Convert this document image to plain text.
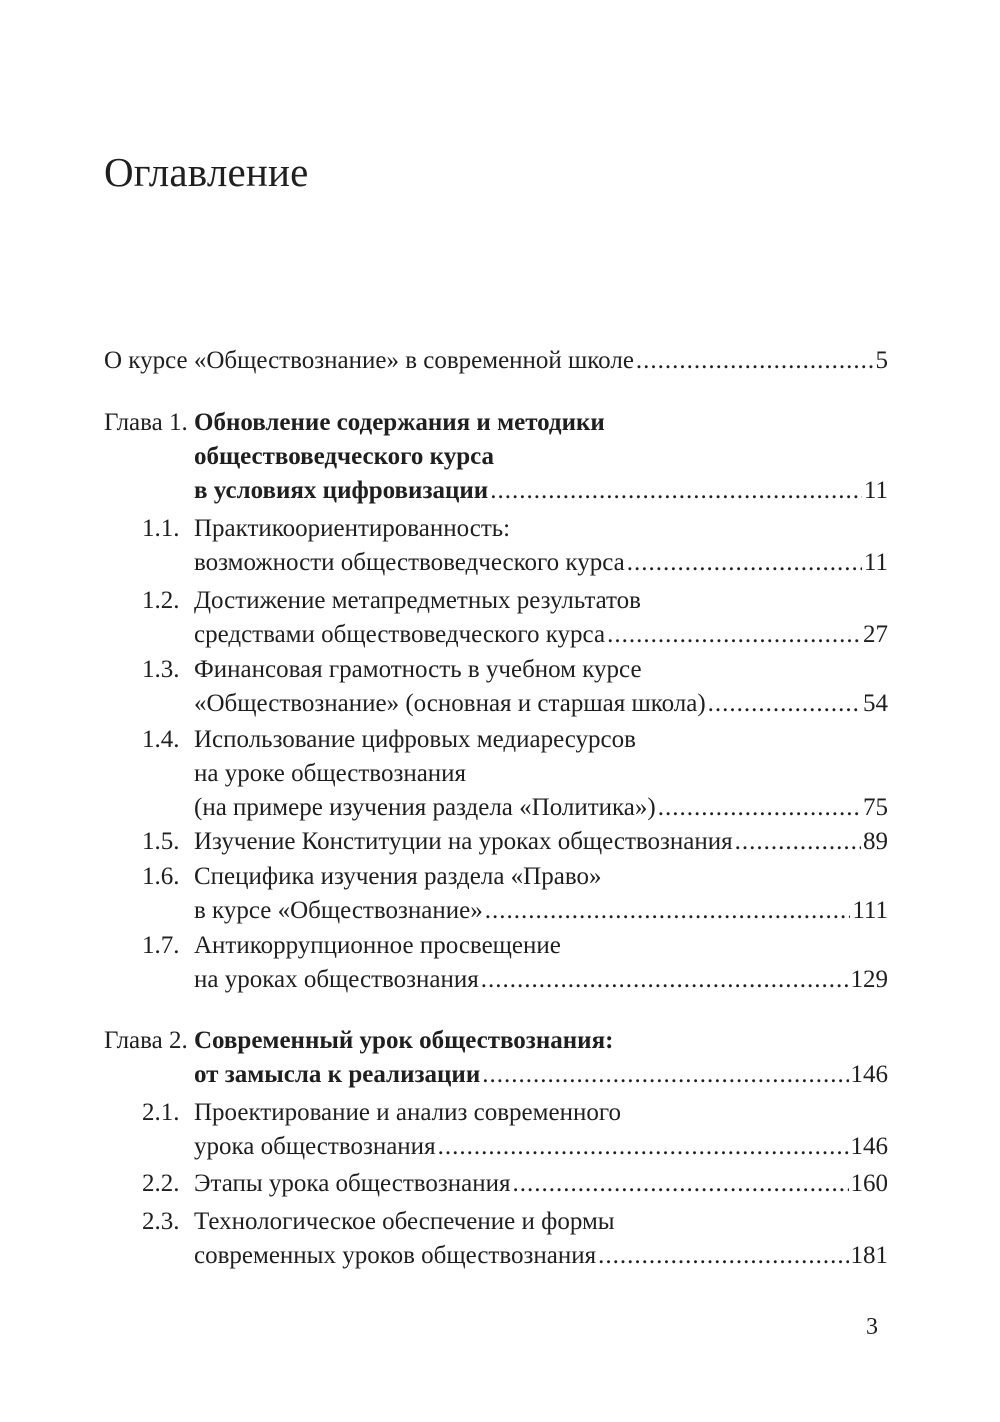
Оглавление
О курсе «Обществознание» в современной школе .....	5
Глава 1. Обновление содержания и методики
обществоведческого курса
в условиях цифровизации .....	11
1.1. Практикоориентированность:
возможности обществоведческого курса .....	11
1.2. Достижение метапредметных результатов
средствами обществоведческого курса .....	27
1.3. Финансовая грамотность в учебном курсе
«Обществознание» (основная и старшая школа) .....	54
1.4. Использование цифровых медиаресурсов
на уроке обществознания
(на примере изучения раздела «Политика») .....	75
1.5. Изучение Конституции на уроках обществознания .....	89
1.6. Специфика изучения раздела «Право»
в курсе «Обществознание» .....	111
1.7. Антикоррупционное просвещение
на уроках обществознания .....	129
Глава 2. Современный урок обществознания:
от замысла к реализации .....	146
2.1. Проектирование и анализ современного
урока обществознания .....	146
2.2. Этапы урока обществознания .....	160
2.3. Технологическое обеспечение и формы
современных уроков обществознания .....	181
3
